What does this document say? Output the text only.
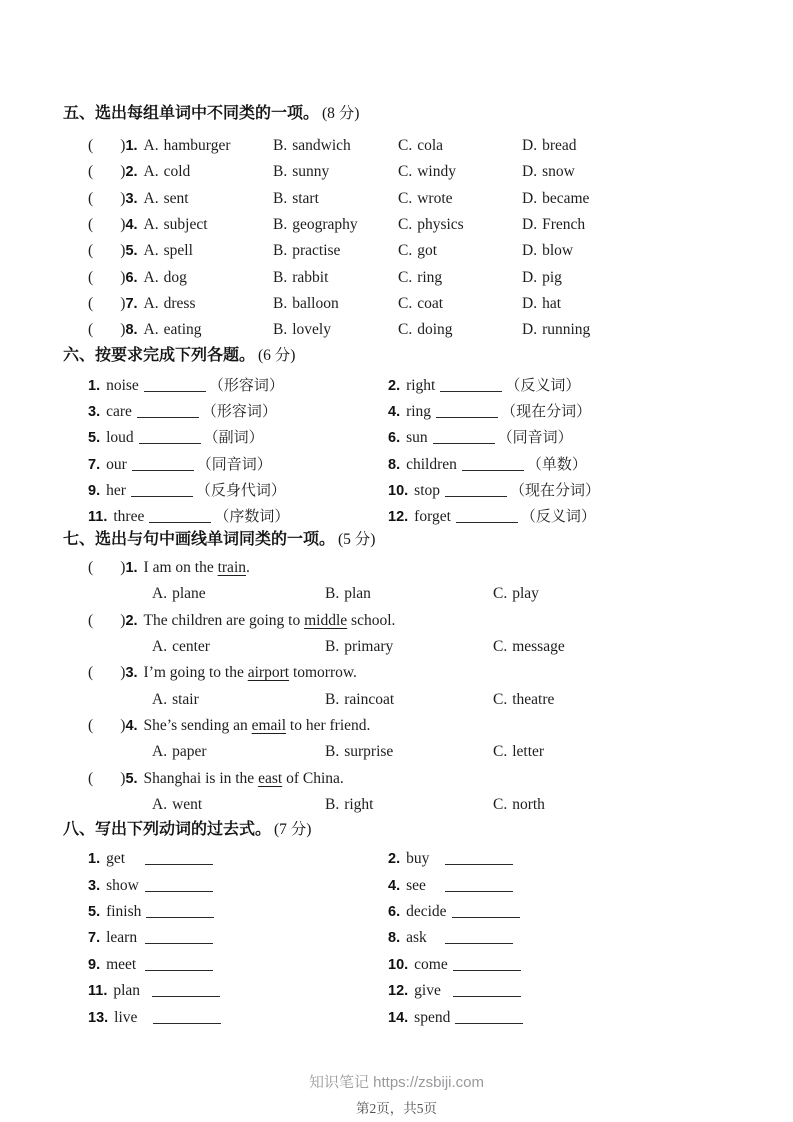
五、选出每组单词中不同类的一项。 (8 分)
(       )1. A. hamburger	B. sandwich	C. cola	D. bread
(       )2. A. cold	B. sunny	C. windy	D. snow
(       )3. A. sent	B. start	C. wrote	D. became
(       )4. A. subject	B. geography	C. physics	D. French
(       )5. A. spell	B. practise	C. got	D. blow
(       )6. A. dog	B. rabbit	C. ring	D. pig
(       )7. A. dress	B. balloon	C. coat	D. hat
(       )8. A. eating	B. lovely	C. doing	D. running
六、按要求完成下列各题。 (6 分)
1. noise	（形容词）	2. right	（反义词）
3. care	（形容词）	4. ring	（现在分词）
5. loud	（副词）	6. sun	（同音词）
7. our	（同音词）	8. children	（单数）
9. her	（反身代词）	10. stop	（现在分词）
11. three	（序数词）	12. forget	（反义词）
七、选出与句中画线单词同类的一项。 (5 分)
(       ) 1. I am on the train.
A. plane	B. plan	C. play
(       ) 2. The children are going to middle school.
A. center	B. primary	C. message
(       ) 3. I’m going to the airport tomorrow.
A. stair	B. raincoat	C. theatre
(       ) 4. She’s sending an email to her friend.
A. paper	B. surprise	C. letter
(       ) 5. Shanghai is in the east of China.
A. went	B. right	C. north
八、写出下列动词的过去式。 (7 分)
1. get	2. buy
3. show	4. see
5. finish	6. decide
7. learn	8. ask
9. meet	10. come
11. plan	12. give
13. live	14. spend
知识笔记 https://zsbiji.com
第2页，共5页
